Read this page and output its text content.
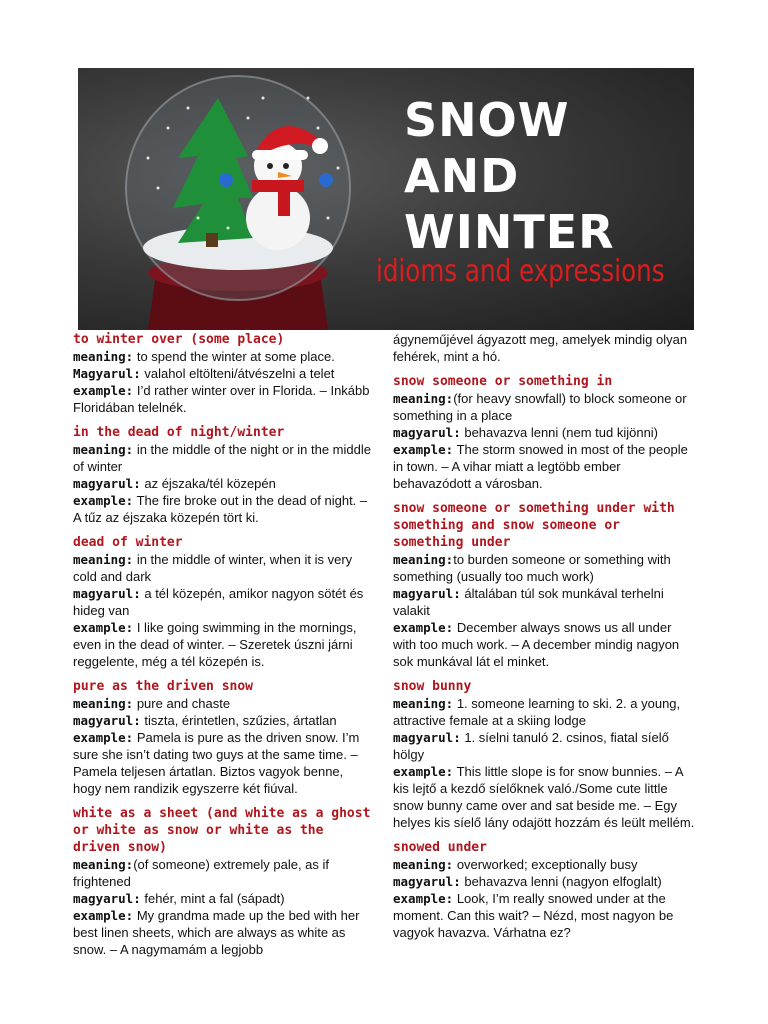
SNOW
AND
WINTER
idioms and expressions
to winter over (some place)
meaning: to spend the winter at some place.
Magyarul: valahol eltölteni/átvészelni a telet
example: I’d rather winter over in Florida. – Inkább Floridában telelnék.
in the dead of night/winter
meaning: in the middle of the night or in the middle of winter
magyarul: az éjszaka/tél közepén
example: The fire broke out in the dead of night. – A tűz az éjszaka közepén tört ki.
dead of winter
meaning: in the middle of winter, when it is very cold and dark
magyarul: a tél közepén, amikor nagyon sötét és hideg van
example: I like going swimming in the mornings, even in the dead of winter. – Szeretek úszni járni reggelente, még a tél közepén is.
pure as the driven snow
meaning: pure and chaste
magyarul: tiszta, érintetlen, szűzies, ártatlan
example: Pamela is pure as the driven snow. I’m sure she isn’t dating two guys at the same time. – Pamela teljesen ártatlan. Biztos vagyok benne, hogy nem randizik egyszerre két fiúval.
white as a sheet (and white as a ghost or white as snow or white as the driven snow)
meaning:(of someone) extremely pale, as if frightened
magyarul: fehér, mint a fal (sápadt)
example: My grandma made up the bed with her best linen sheets, which are always as white as snow. – A nagymamám a legjobb
ágyneműjével ágyazott meg, amelyek mindig olyan fehérek, mint a hó.
snow someone or something in
meaning:(for heavy snowfall) to block someone or something in a place
magyarul: behavazva lenni (nem tud kijönni)
example: The storm snowed in most of the people in town. – A vihar miatt a legtöbb ember behavazódott a városban.
snow someone or something under with something and snow someone or something under
meaning:to burden someone or something with something (usually too much work)
magyarul: általában túl sok munkával terhelni valakit
example: December always snows us all under with too much work. – A december mindig nagyon sok munkával lát el minket.
snow bunny
meaning: 1. someone learning to ski. 2. a young, attractive female at a skiing lodge
magyarul: 1. síelni tanuló 2. csinos, fiatal síelő hölgy
example: This little slope is for snow bunnies. – A kis lejtő a kezdő síelőknek való./Some cute little snow bunny came over and sat beside me. – Egy helyes kis síelő lány odajött hozzám és leült mellém.
snowed under
meaning: overworked; exceptionally busy
magyarul: behavazva lenni (nagyon elfoglalt)
example: Look, I’m really snowed under at the moment. Can this wait? – Nézd, most nagyon be vagyok havazva. Várhatna ez?
